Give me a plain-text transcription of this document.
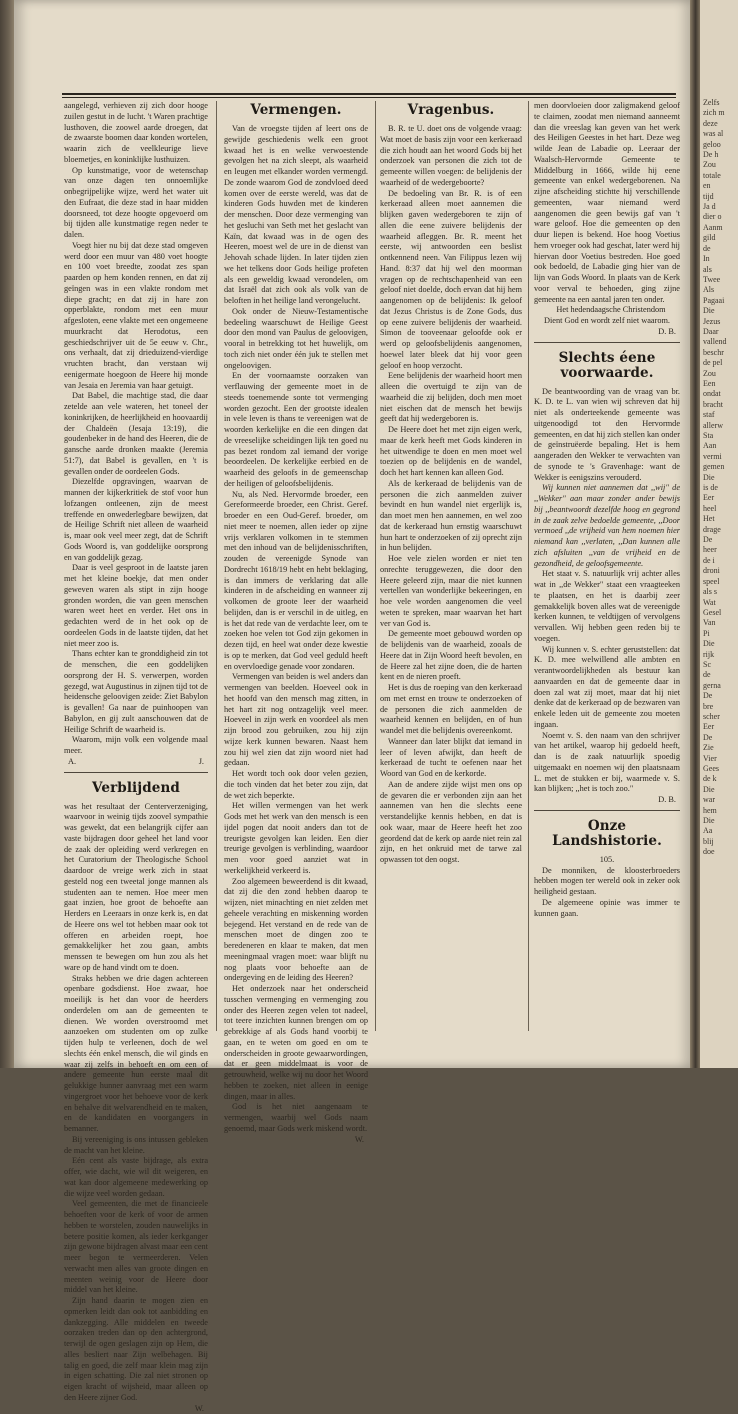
aangelegd, verhieven zij zich door hooge zuilen gestut in de lucht. 't Waren prachtige lusthoven, die zoowel aarde droegen, dat de zwaarste boomen daar konden wortelen, waarin zich de veelkleurige lieve bloemetjes, en koninklijke lusthuizen.

Op kunstmatige, voor de wetenschap van onze dagen ten onnoemlijke onbegrijpelijke wijze, werd het water uit den Eufraat, die deze stad in haar midden doorsneed, tot deze hoogte opgevoerd om bij tijden alle kunstmatige regen neder te dalen.

Voegt hier nu bij dat deze stad omgeven werd door een muur van 480 voet hoogte en 100 voet breedte, zoodat zes span paarden op hem konden rennen, en dat zij geïngen was in een vlakte rondom met diepe gracht; en dat zij in hare zon opperblakte, rondom met een muur afgesloten, eene vlakte met een ongemeene muurkracht dat Herodotus, een geschiedschrijver uit de 5e eeuw v. Chr., ons verhaalt, dat zij drieduizend-vierdige vruchten bracht, dan verstaan wij eenigermate hoegoon de Heere hij monde van Jesaia en Jeremia van haar getuigt.

Dat Babel, die machtige stad, die daar zetelde aan vele wateren, het toneel der koninkrijken, de heerlijkheid en hoovaardij der Chaldeën (Jesaja 13:19), die goudenbeker in de hand des Heeren, die de gansche aarde dronken maakte (Jeremia 51:7), dat Babel is gevallen, en 't is gevallen onder de oordeelen Gods.

Diezelfde opgravingen, waarvan de mannen der kijkerkritiek de stof voor hun lofzangen ontleenen, zijn de meest treffende en onwederlegbare bewijzen, dat de Heilige Schrift niet alleen de waarheid is, maar ook veel meer zegt, dat de Schrift Gods Woord is, van goddelijke oorsprong en van goddelijk gezag.

Daar is veel gesproot in de laatste jaren met het kleine boekje, dat men onder geweven waren als stipt in zijn hooge gronden worden, die van geen menschen waren weet heet en verder. Het ons in gedachten werd de in het ook op de oordeelen Gods in de laatste tijden, dat het niet meer zoo is.

Thans echter kan te gronddigheid zin tot de menschen, die een goddelijken oorsprong der H. S. verwerpen, worden gezegd, wat Augustinus in zijnen tijd tot de heidensche geloovigen zeide: Ziet Babylon is gevallen! Ga naar de puinhoopen van Babylon, en gij zult aanschouwen dat de Heilige Schrift de waarheid is.

Waarom, mijn volk een volgende maal meer.

A.	J.
Verblijdend

was het resultaat der Centerverzeniging, waarvoor in weinig tijds zoovel sympathie was gewekt, dat een belangrijk cijfer aan vaste bijdragen door geheel het land voor de zaak der opleiding werd verkregen en het Curatorium der Theologische School daardoor de vreige werk zich in staat gesteld nog een tweetal jonge mannen als studenten aan te nemen. Hoe meer men gaat inzien, hoe groot de behoefte aan Herders en Leeraars in onze kerk is, en dat de Heere ons wel tot hebben maar ook tot offeren en arbeiden roept, hoe gemakkelijker het zou gaan, ambts menssen te bewegen om hun zou als het ware op de hand vindt om te doen.

Straks hebben we drie dagen achtereen openbare godsdienst. Hoe zwaar, hoe moeilijk is het dan voor de heerders onderdelen om aan de gemeenten te dienen. We worden overstroomd met aanzoeken om studenten om op zulke tijden hulp te verleenen, doch de wel slechts één enkel mensch, die wil ginds en waar zij zelfs in behoeft en om een of andere gemeente hun eerste maal dit gelukkige hunner aanvraag met een warm vingergroet voor het behoeve voor de kerk en behalve dit welvarendheid en te maken, en de kandidaten en voorgangers in bemanner.

Bij vereeniging is ons intussen gebleken de macht van het kleine.

Eén cent als vaste bijdrage, als extra offer, wie dacht, wie wil dit weigeren, en wat kan door algemeene medewerking op die wijze veel worden gedaan.

Veel gemeenten, die met de financieele behoeften voor de kerk of voor de armen hebben te worstelen, zouden nauwelijks in betere positie komen, als ieder kerkganger zijn gewone bijdragen alvast maar een cent meer begon te vermeerderen. Velen verwacht men alles van groote dingen en meenten weinig voor de Heere door middel van het kleine.

Zijn hand daarin te mogen zien en opmerken leidt dan ook tot aanbidding en dankzegging. Alle middelen en tweede oorzaken treden dan op den achtergrond, terwijl de ogen geslagen zijn op Hem, die alles besliert naar Zijn welbehagen. Bij talig en goed, die zelf maar klein mag zijn in eigen schatting. Die zal niet stronen op eigen kracht of wijsheid, maar alleen op den Heere zijner God.

W.
Vermengen.

Van de vroegste tijden af leert ons de gewijde geschiedenis welk een groot kwaad het is en welke verwoestende gevolgen het na zich sleept, als waarheid en leugen met elkander worden vermengd. De zonde waarom God de zondvloed deed komen over de eerste wereld, was dat de kinderen Gods huwden met de kinderen der menschen. Door deze vermenging van het gesluchi van Seth met het geslacht van Kaïn, dat kwaad was in de ogen des Heeren, moest wel de ure in de dienst van Jehovah schade lijden. In later tijden zien we het telkens door Gods heilige profeten als een geweldig kwaad verondelen, om dat Israël dat zich ook als volk van de beloften in het heilige land verongelucht.

Ook onder de Nieuw-Testamentische bedeeling waarschuwt de Heilige Geest door den mond van Paulus de geloovigen, vooral in betrekking tot het huwelijk, om toch zich niet onder één juk te stellen met ongeloovigen.

En der voornaamste oorzaken van verflauwing der gemeente moet in de steeds toenemende sonte tot vermenging worden gezocht. Een der grootste idealen in vele leven is thans te vereenigen wat de woorden kerkelijke en die een dingen dat de vreeselijke scheidingen lijk ten goed nu pas bezet rondom zal iemand der vorige beoordeelen. De kerkelijke eerbied en de waarheid des geloofs in de gemeenschap der heiligen of geloofsbelijdenis.

Nu, als Ned. Hervormde broeder, een Gereformeerde broeder, een Christ. Geref. broeder en een Oud-Geref. broeder, om niet meer te noemen, allen ieder op zijne vrijs verklaren volkomen in te stemmen met den inhoud van de belijdenisschriften, zouden de vereenigde Synode van Dordrecht 1618/19 hebt en hebt beklaging, is dan immers de verklaring dat alle kinderen in de afscheiding en wanneer zij volkomen de groote leer der waarheid belijden, dan is er verschil in de uitleg, en is het dat rede van de verdachte leer, om te zoeken hoe velen tot God zijn gekomen in dezen tijd, en heel wat onder deze kwestie is op te merken, dat God veel geduld heeft en overvloedige genade voor zondaren.

Vermengen van beiden is wel anders dan vermengen van beelden. Hoeveel ook in het hoofd van den mensch mag zitten, in het hart zit nog ontzagelijk veel meer. Hoeveel in zijn werk en voordeel als men zijn brood zou gebruiken, zou hij zijn wijze kerk kunnen bewaren. Naast hem zou hij wel zien dat zijn woord niet had gedaan.

Het wordt toch ook door velen gezien, die toch vinden dat het beter zou zijn, dat de wet zich beperkte.

Het willen vermengen van het werk Gods met het werk van den mensch is een ijdel pogen dat nooit anders dan tot de treurigste gevolgen kan leiden. Een dier treurige gevolgen is verblinding, waardoor men voor goed aanziet wat in werkelijkheid verkeerd is.

Zoo algemeen beweerdend is dit kwaad, dat zij die den zond hebben daarop te wijzen, niet minachting en niet zelden met geheele verachting en miskenning worden bejegend. Het verstand en de rede van de menschen moet de dingen zoo te beredeneren en klaar te maken, dat men meeningmaal vragen moet: waar blijft nu nog plaats voor behoefte aan de ondergeving en de leiding des Heeren?

Het onderzoek naar het onderscheid tusschen vermenging en vermenging zou onder des Heeren zegen velen tot nadeel, tot teere inzichten kunnen brengen om op gebrekkige af als Gods hand voorbij te gaan, en te weten om goed en om te onderscheiden in groote gewaarwordingen, dat er geen middelmaat is voor de getrouwheid, welke wij nu door het Woord hebben te zoeken, niet alleen in eenige dingen, maar in alles.

God is het niet aangenaam te vermengen, waarbij wel Gods naam genoemd, maar Gods werk miskend wordt.

W.
Vragenbus.

B. R. te U. doet ons de volgende vraag: Wat moet de basis zijn voor een kerkeraad die zich houdt aan het woord Gods bij het onderzoek van personen die zich tot de gemeente willen voegen: de belijdenis der waarheid of de wedergeboorte?

De bedoeling van Br. R. is of een kerkeraad alleen moet aannemen die blijken gaven wedergeboren te zijn of allen die eene zuivere belijdenis der waarheid afleggen. Br. R. meent het eerste, wij antwoorden een beslist ontkennend neen. Van Filippus lezen wij Hand. 8:37 dat hij wel den moorman vragen op de rechtschapenheid van een geloof niet doelde, doch ervan dat hij hem aangenomen op de belijdenis: Ik geloof dat Jezus Christus is de Zone Gods, dus op eene zuivere belijdenis der waarheid. Simon de tooveenaar geloofde ook er werd op geloofsbelijdenis aangenomen, hoewel later bleek dat hij voor geen geloof en hoop verzocht.

Eene belijdenis der waarheid hoort men alleen die overtuigd te zijn van de waarheid die zij belijden, doch men moet niet eischen dat de mensch het bewijs geeft dat hij wedergeboren is.

De Heere doet het met zijn eigen werk, maar de kerk heeft met Gods kinderen in het uitwendige te doen en men moet wel toezien op de belijdenis en de wandel, doch het hart kennen kan alleen God.

Als de kerkeraad de belijdenis van de personen die zich aanmelden zuiver bevindt en hun wandel niet ergerlijk is, dan moet men hen aannemen, en wel zoo dat de kerkeraad hun ernstig waarschuwt hun hart te onderzoeken of zij oprecht zijn in hun belijden.

Hoe vele zielen worden er niet ten onrechte teruggewezen, die door den Heere geleerd zijn, maar die niet kunnen vertellen van wonderlijke bekeeringen, en hoe vele worden aangenomen die veel weten te spreken, maar waarvan het hart ver van God is.

De gemeente moet gebouwd worden op de belijdenis van de waarheid, zooals de Heere dat in Zijn Woord heeft bevolen, en de Heere zal het zijne doen, die de harten kent en de nieren proeft.

Het is dus de roeping van den kerkeraad om met ernst en trouw te onderzoeken of de personen die zich aanmelden de waarheid kennen en belijden, en of hun wandel met die belijdenis overeenkomt.

Wanneer dan later blijkt dat iemand in leer of leven afwijkt, dan heeft de kerkeraad de tucht te oefenen naar het Woord van God en de kerkorde.

Aan de andere zijde wijst men ons op de gevaren die er verbonden zijn aan het aannemen van hen die slechts eene verstandelijke kennis hebben, en dat is ook waar, maar de Heere heeft het zoo geordend dat de kerk op aarde niet rein zal zijn, en het onkruid met de tarwe zal opwassen tot den oogst.

men doorvloeien door zaligmakend geloof te claimen, zoodat men niemand aanneemt dan die vreeslag kan geven van het werk des Heiligen Geestes in het hart. Deze weg wilde Jean de Labadie op. Leeraar der Waalsch-Hervormde Gemeente te Middelburg in 1666, wilde hij eene gemeente van enkel wedergeborenen. Na zijne afscheiding stichtte hij verschillende gemeenten, waar niemand werd aangenomen die geen bewijs gaf van 't ware geloof. Hoe die gemeenten op den duur liepen is bekend. Hoe hoog Voetius hem vroeger ook had geschat, later werd hij hiervan door Voetius bestreden. Hoe goed ook bedoeld, de Labadie ging hier van de lijn van Gods Woord. In plaats van de Kerk voor verval te behoeden, ging zijne gemeente na een aantal jaren ten onder.

Het hedendaagsche Christendom
Dient God en wordt zelf niet waarom.

D. B.
Slechts éene voorwaarde.

De beantwoording van de vraag van br. K. D. te L. van wien wij schreven dat hij niet als onderteekende gemeente was uitgenoodigd tot den Hervormde gemeenten, en dat hij zich stellen kan onder de geïnstruëerde bepaling. Het is hem aangeraden den Wekker te verwachten van de synode te 's Gravenhage: want de Wekker is eenigszins verouderd.

Wij kunnen niet aannemen dat ,,wij" de ,,Wekker" aan maar zonder ander bewijs bij ,,beantwoordt dezelfde hoog en gegrond in de zaak zelve bedoelde gemeente, ,,Door vermoed ,,de vrijheid van hem noemen hier niemand kan ,,verlaten, ,,Dan kunnen alle zich afsluiten ,,van de vrijheid en de gezondheid, de geloofsgemeente.

Het staat v. S. natuurlijk vrij achter alles wat in ,,de Wekker" staat een vraagteeken te plaatsen, en het is daarbij zeer gemakkelijk boven alles wat de vereenigde kerken kunnen, te veldtijgen of vervolgens vervallen. Wij hebben geen reden bij te voegen.

Wij kunnen v. S. echter geruststellen: dat K. D. mee welwillend alle ambten en verantwoordelijkheden als bestuur kan aanvaarden en dat de gemeente daar in doen zal wat zij moet, maar dat hij niet denke dat de kerkeraad op de bezwaren van enkele leden uit de gemeente zou moeten ingaan.

Noemt v. S. den naam van den schrijver van het artikel, waarop hij gedoeld heeft, dan is de zaak natuurlijk spoedig uitgemaakt en noemen wij den plaatsnaam L. met de stukken er bij, waarmede v. S. kan blijken; ,,het is toch zoo."

D. B.
Onze Landshistorie.
105.

De monniken, de kloosterbroeders hebben mogen ter wereld ook in zeker ook heiligheid gestaan.

De algemeene opinie was immer te kunnen gaan.

Zelfs
zich m
deze
was al
geloo
De h
Zou
totale
en
tijd
Ja d
dier o
Aanm
gild
de
In
als
Twee
Als
Pagaai
Die
Jezus
Daar
vallend
beschr
de pel
Zou
Een
ondat
bracht
staf
allerw
Sta
Aan
vermi
gemen
Die
is de
Eer
heel
Het
drage
De
heer
de i
droni
speel
als s
Wat
Gesel
Van
Pi
Die
rijk
Sc
de
gerna
De
bre
scher
Eer
De
Zie
Vier
Gees
de k
Die
war
hem
Die
Aa
blij
doe
